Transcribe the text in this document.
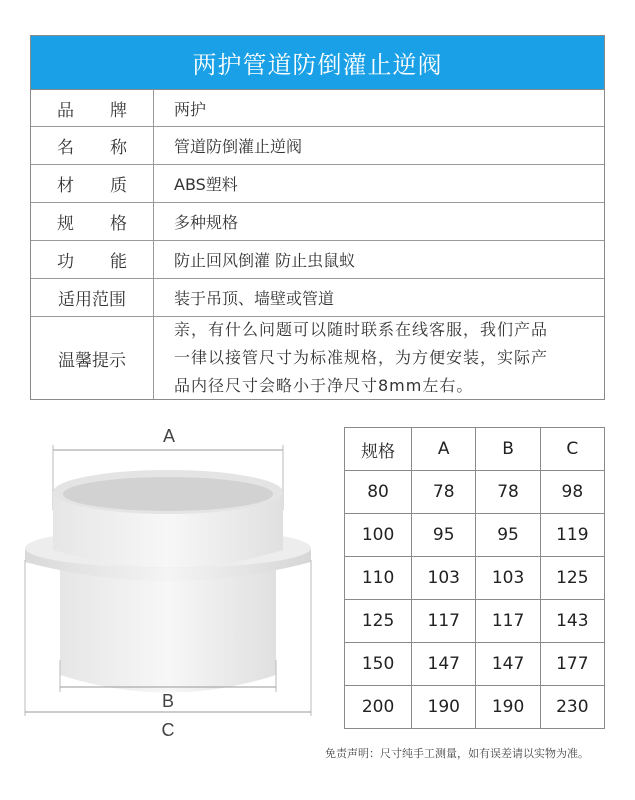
两护管道防倒灌止逆阀
品 牌	两护
名 称	管道防倒灌止逆阀
材 质	ABS塑料
规 格	多种规格
功 能	防止回风倒灌 防止虫鼠蚁
适用范围	装于吊顶、墙壁或管道
温馨提示
亲，有什么问题可以随时联系在线客服，我们产品
一律以接管尺寸为标准规格，为方便安装，实际产
品内径尺寸会略小于净尺寸8mm左右。
A
B
C
规格	A	B	C
80	78	78	98
100	95	95	119
110	103	103	125
125	117	117	143
150	147	147	177
200	190	190	230
免责声明：尺寸纯手工测量，如有误差请以实物为准。
